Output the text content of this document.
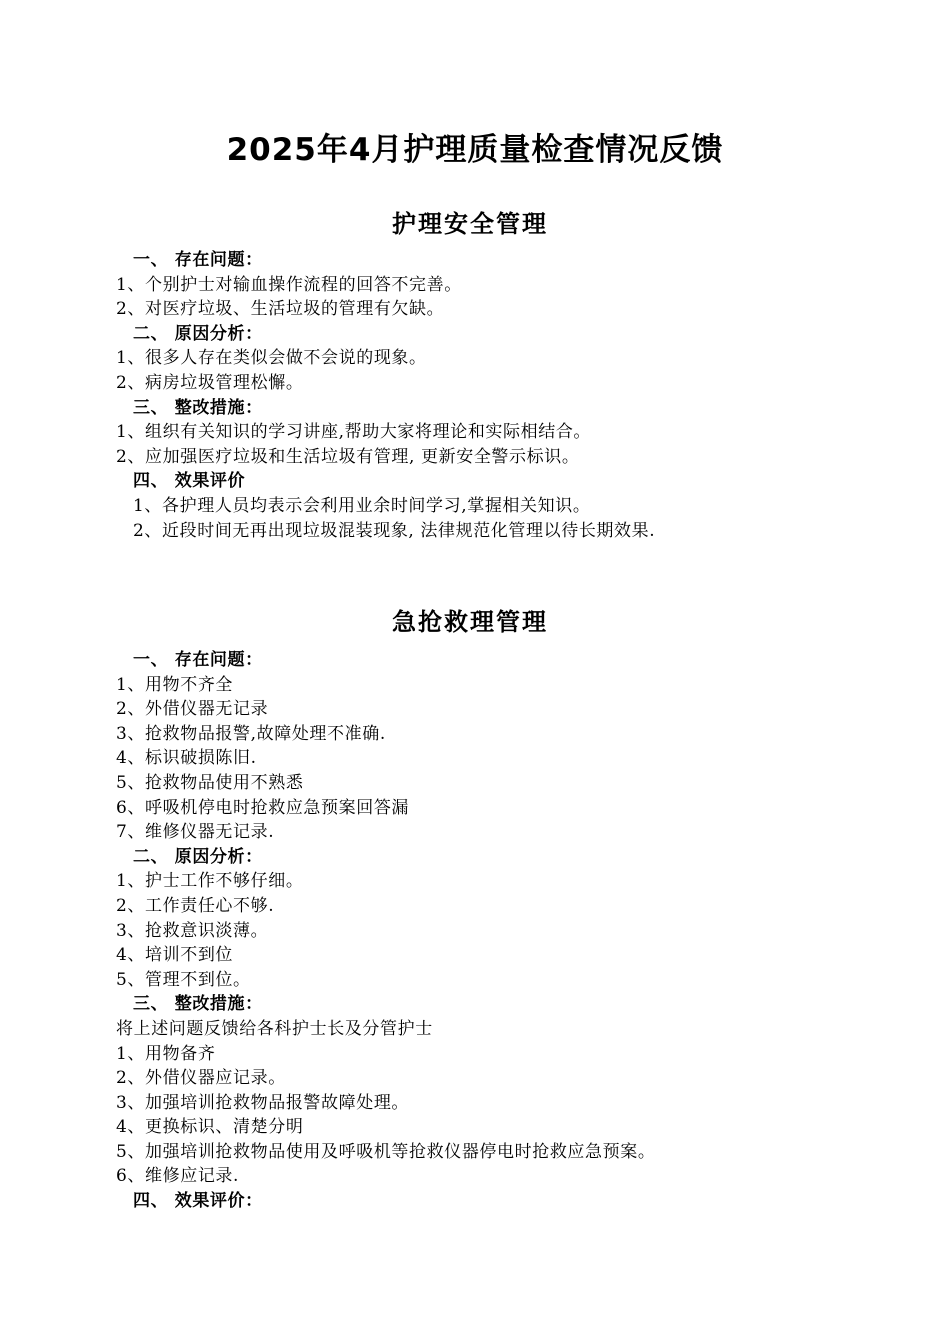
2025年4月护理质量检查情况反馈
护理安全管理
一、 存在问题：
1、个别护士对输血操作流程的回答不完善。
2、对医疗垃圾、生活垃圾的管理有欠缺。
二、 原因分析：
1、很多人存在类似会做不会说的现象。
2、病房垃圾管理松懈。
三、 整改措施：
1、组织有关知识的学习讲座,帮助大家将理论和实际相结合。
2、应加强医疗垃圾和生活垃圾有管理, 更新安全警示标识。
四、 效果评价
1、各护理人员均表示会利用业余时间学习,掌握相关知识。
2、近段时间无再出现垃圾混装现象, 法律规范化管理以待长期效果.
急抢救理管理
一、 存在问题：
1、用物不齐全
2、外借仪器无记录
3、抢救物品报警,故障处理不准确.
4、标识破损陈旧.
5、抢救物品使用不熟悉
6、呼吸机停电时抢救应急预案回答漏
7、维修仪器无记录.
二、 原因分析：
1、护士工作不够仔细。
2、工作责任心不够.
3、抢救意识淡薄。
4、培训不到位
5、管理不到位。
三、 整改措施：
将上述问题反馈给各科护士长及分管护士
1、用物备齐
2、外借仪器应记录。
3、加强培训抢救物品报警故障处理。
4、更换标识、清楚分明
5、加强培训抢救物品使用及呼吸机等抢救仪器停电时抢救应急预案。
6、维修应记录.
四、 效果评价：
